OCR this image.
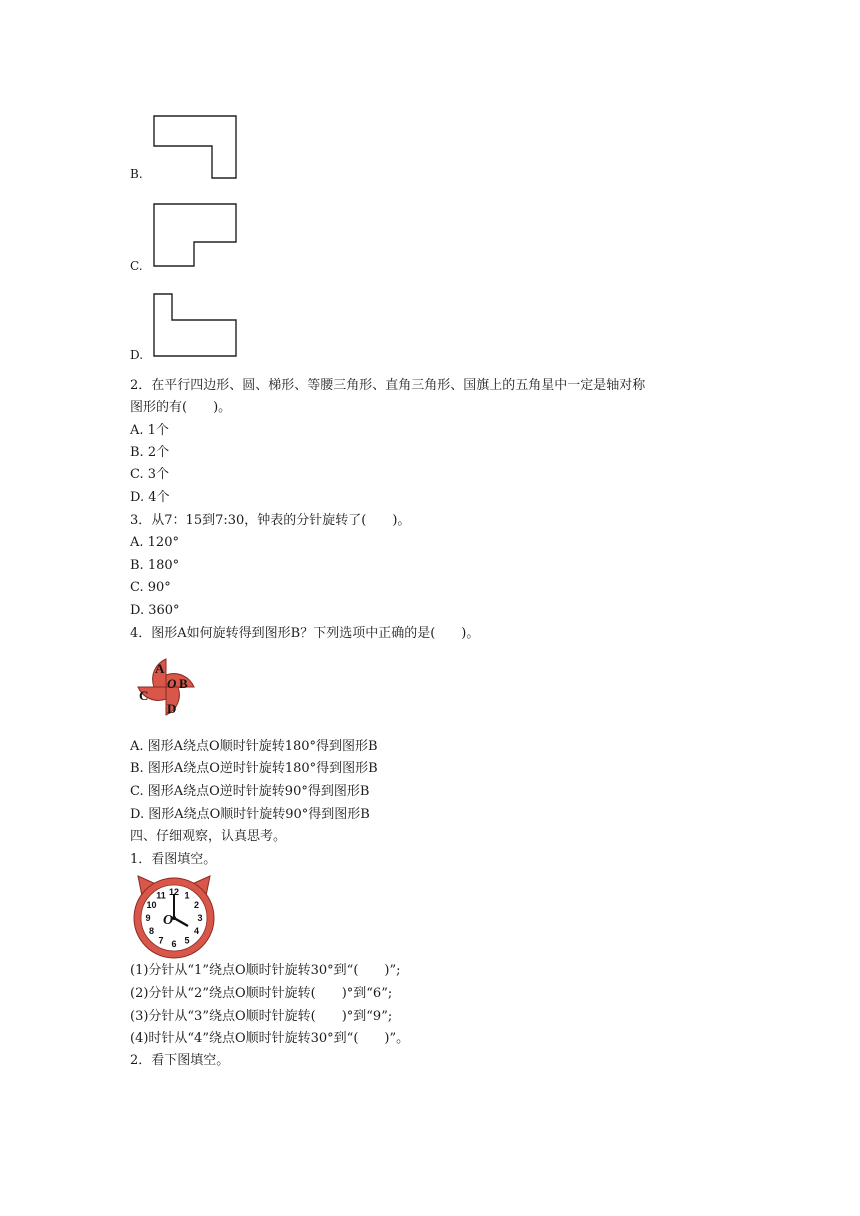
B.
C.
D.
2．在平行四边形、圆、梯形、等腰三角形、直角三角形、国旗上的五角星中一定是轴对称
图形的有(　　)。
A. 1个
B. 2个
C. 3个
D. 4个
3．从7：15到7:30，钟表的分针旋转了(　　)。
A. 120°
B. 180°
C. 90°
D. 360°
4．图形A如何旋转得到图形B？下列选项中正确的是(　　)。
A
B
C
D
O
A. 图形A绕点O顺时针旋转180°得到图形B
B. 图形A绕点O逆时针旋转180°得到图形B
C. 图形A绕点O逆时针旋转90°得到图形B
D. 图形A绕点O顺时针旋转90°得到图形B
四、仔细观察，认真思考。
1．看图填空。
12 1
2
3
4
5
6
7
8
9
10
11
O
(1)分针从“1”绕点O顺时针旋转30°到“(　　)”;
(2)分针从“2”绕点O顺时针旋转(　　)°到“6”;
(3)分针从“3”绕点O顺时针旋转(　　)°到“9”;
(4)时针从“4”绕点O顺时针旋转30°到“(　　)”。
2．看下图填空。
